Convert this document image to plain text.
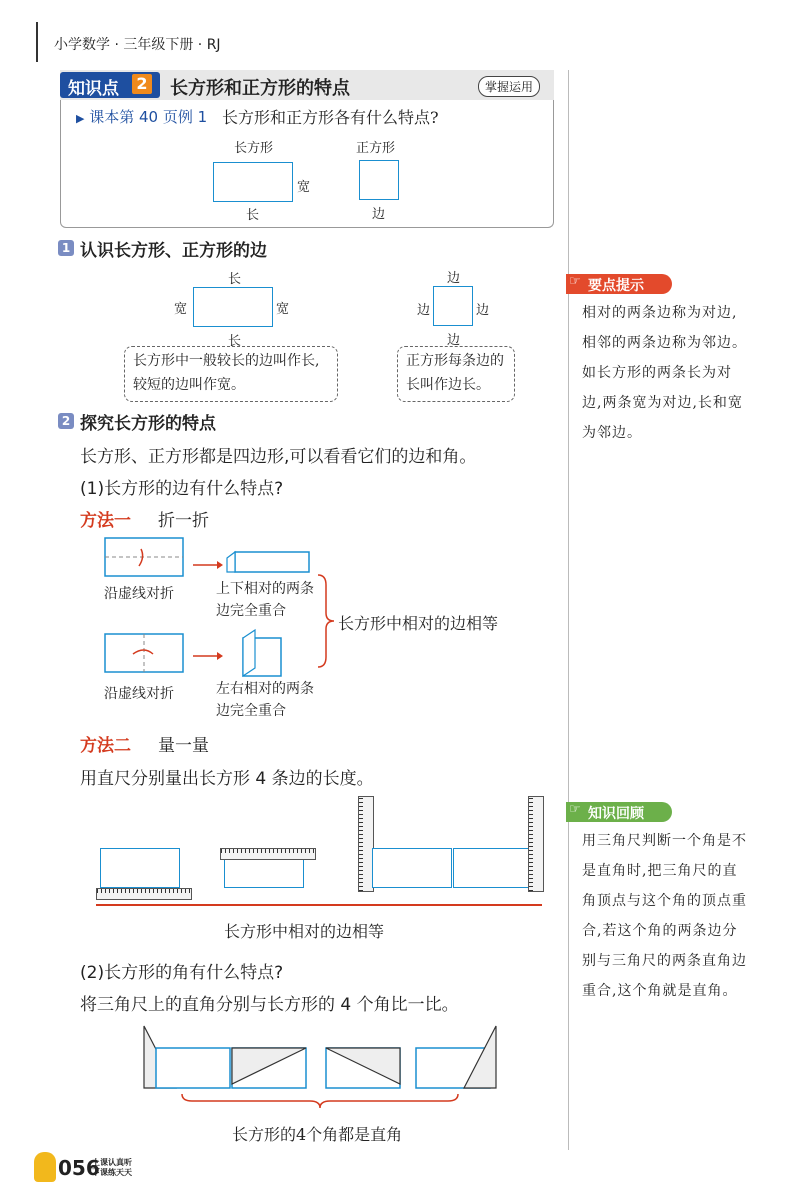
小学数学 · 三年级下册 · RJ
知识点 2 长方形和正方形的特点	掌握运用
▶ 课本第 40 页例 1 长方形和正方形各有什么特点?
长方形	正方形
宽
长	边
1 认识长方形、正方形的边
长
宽	宽
长
边
边	边
边
长方形中一般较长的边叫作长,较短的边叫作宽。
正方形每条边的长叫作边长。
2 探究长方形的特点
长方形、正方形都是四边形,可以看看它们的边和角。
(1)长方形的边有什么特点?
方法一 折一折
沿虚线对折	上下相对的两条边完全重合
沿虚线对折	左右相对的两条边完全重合
长方形中相对的边相等
方法二 量一量
用直尺分别量出长方形 4 条边的长度。
长方形中相对的边相等
(2)长方形的角有什么特点?
将三角尺上的直角分别与长方形的 4 个角比一比。
长方形的4个角都是直角
☞ 要点提示
相对的两条边称为对边,
相邻的两条边称为邻边。
如长方形的两条长为对
边,两条宽为对边,长和宽
为邻边。
☞ 知识回顾
用三角尺判断一个角是不
是直角时,把三角尺的直
角顶点与这个角的顶点重
合,若这个角的两条边分
别与三角尺的两条直角边
重合,这个角就是直角。
056
上课认真听
下课练天天
